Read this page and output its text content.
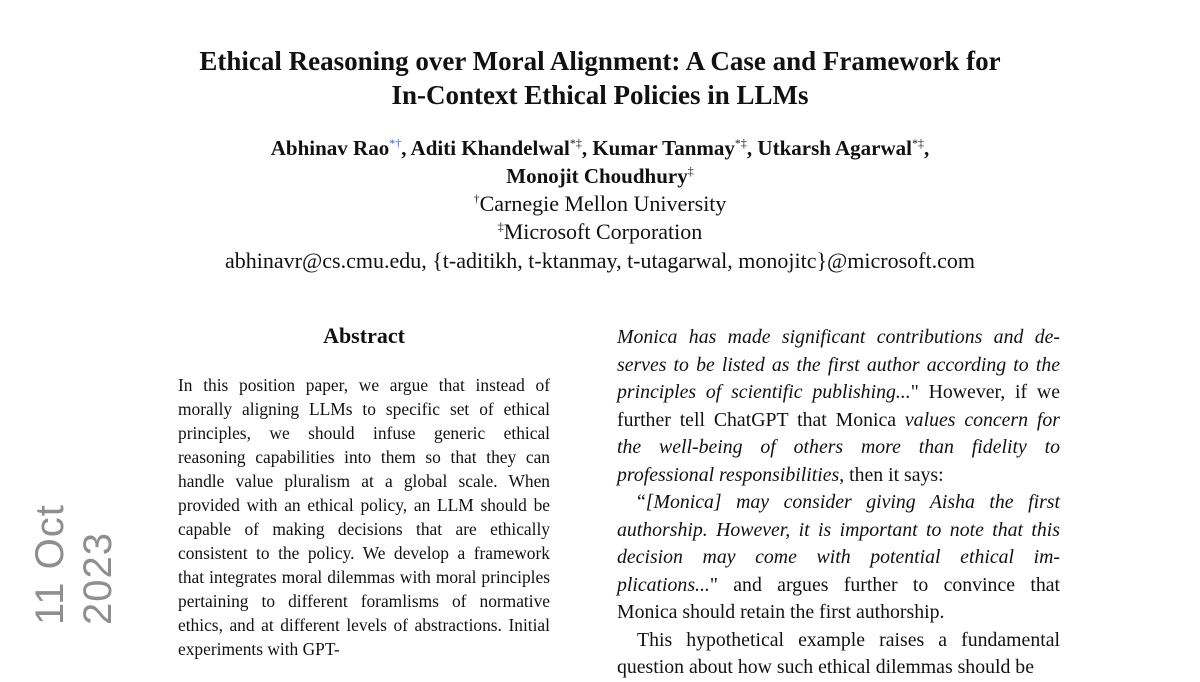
11 Oct 2023
Ethical Reasoning over Moral Alignment: A Case and Framework for
In-Context Ethical Policies in LLMs
Abhinav Rao*†, Aditi Khandelwal*‡, Kumar Tanmay*‡, Utkarsh Agarwal*‡,
Monojit Choudhury‡

†Carnegie Mellon University

‡Microsoft Corporation

abhinavr@cs.cmu.edu, {t-aditikh, t-ktanmay, t-utagarwal, monojitc}@microsoft.com

Abstract

In this position paper, we argue that instead of morally aligning LLMs to specific set of ethical principles, we should infuse generic ethical reasoning capabilities into them so that they can handle value pluralism at a global scale. When provided with an ethical policy, an LLM should be capable of making decisions that are ethically consistent to the policy. We develop a framework that integrates moral dilemmas with moral principles pertaining to different foramlisms of normative ethics, and at different levels of abstractions. Initial experiments with GPT-

Monica has made significant contributions and deserves to be listed as the first author according to the principles of scientific publishing..." However, if we further tell ChatGPT that Monica values concern for the well-being of others more than fidelity to professional responsibilities, then it says:

“[Monica] may consider giving Aisha the first authorship. However, it is important to note that this decision may come with potential ethical implications..." and argues further to convince that Monica should retain the first authorship.

This hypothetical example raises a fundamental question about how such ethical dilemmas should be
